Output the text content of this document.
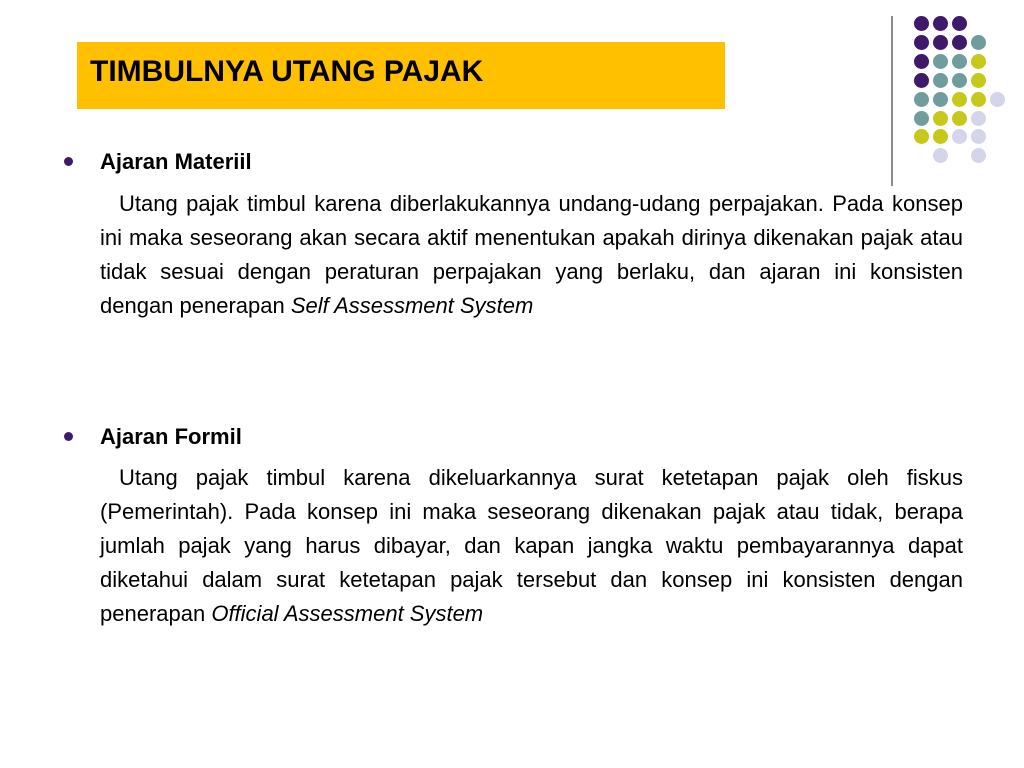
TIMBULNYA UTANG PAJAK
Ajaran Materiil
Utang pajak timbul karena diberlakukannya undang-udang perpajakan. Pada konsep ini maka seseorang akan secara aktif menentukan apakah dirinya dikenakan pajak atau tidak sesuai dengan peraturan perpajakan yang berlaku, dan ajaran ini konsisten dengan penerapan Self Assessment System
Ajaran Formil
Utang pajak timbul karena dikeluarkannya surat ketetapan pajak oleh fiskus (Pemerintah). Pada konsep ini maka seseorang dikenakan pajak atau tidak, berapa jumlah pajak yang harus dibayar, dan kapan jangka waktu pembayarannya dapat diketahui dalam surat ketetapan pajak tersebut dan konsep ini konsisten dengan penerapan Official Assessment System
